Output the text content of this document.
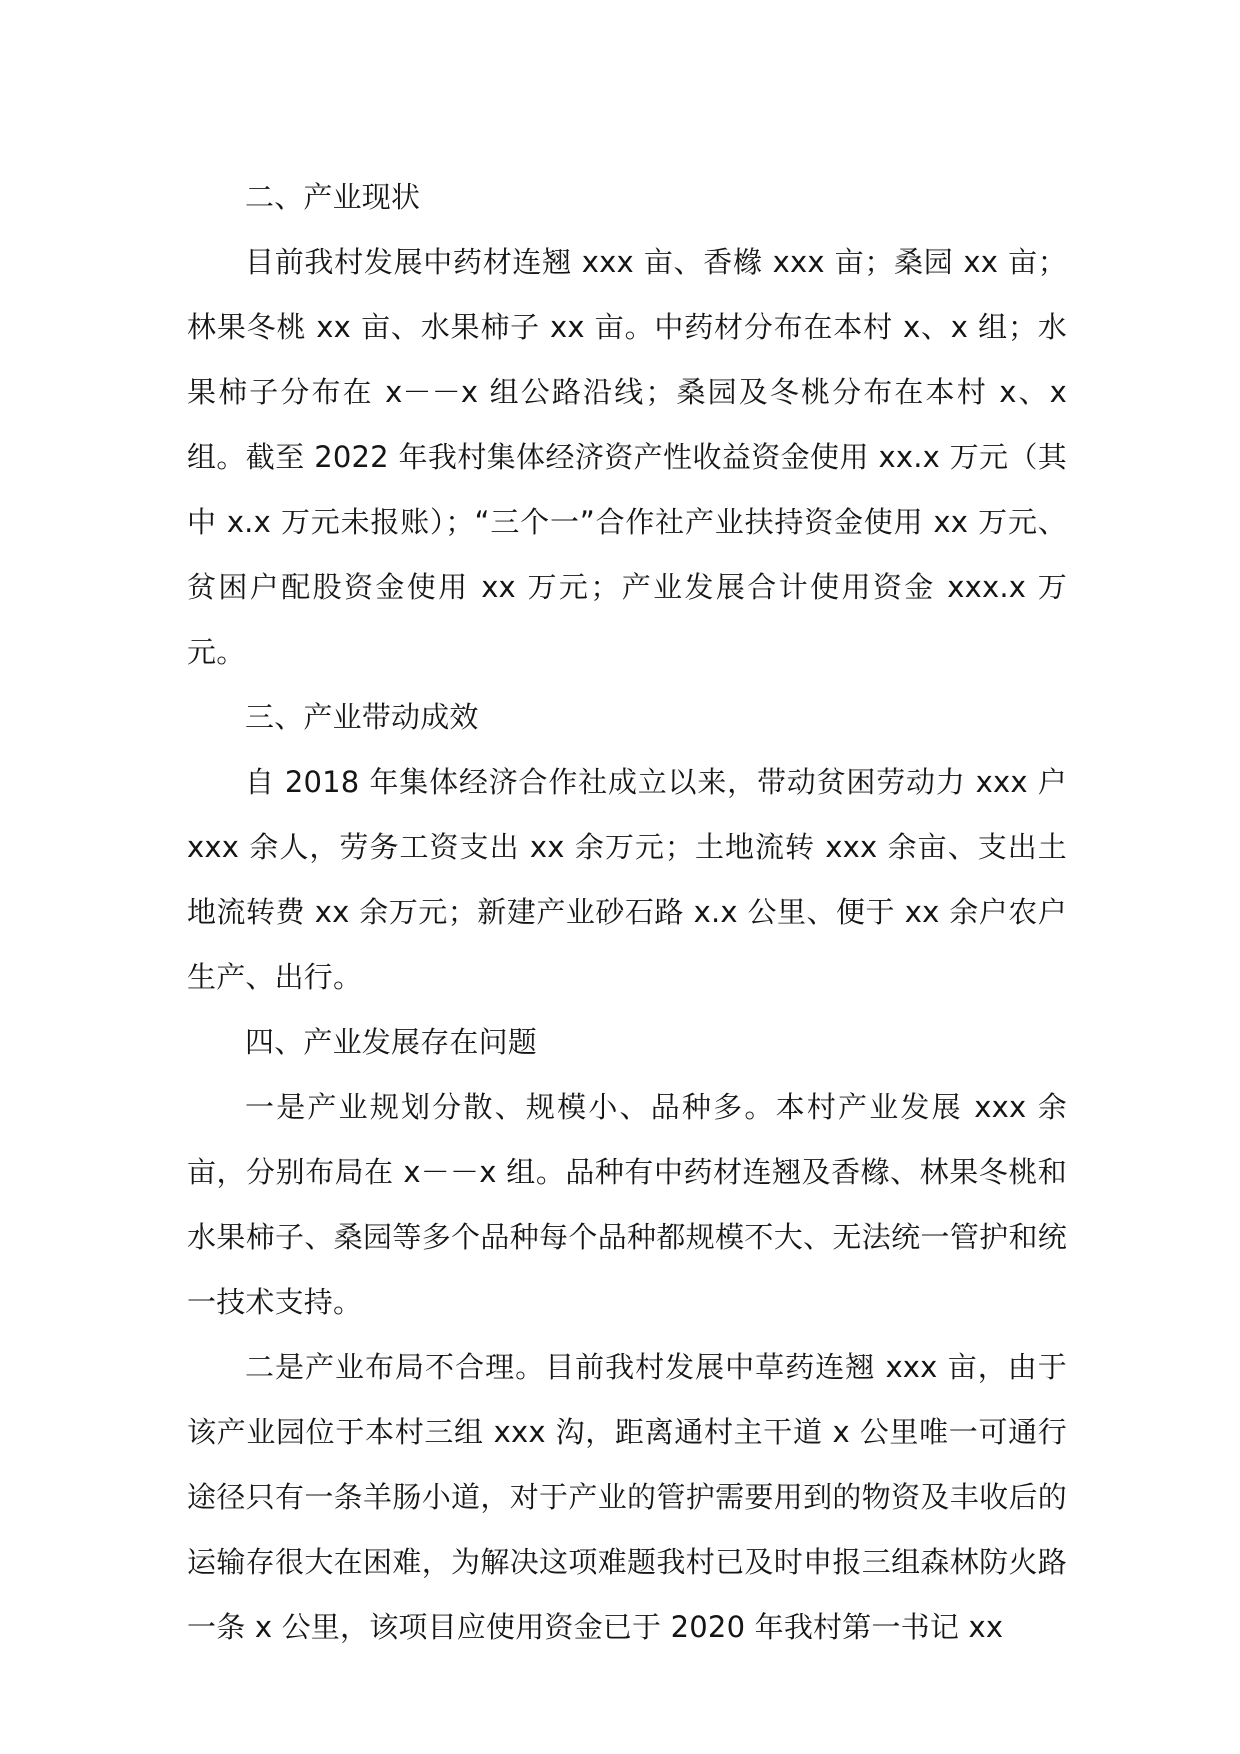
二、产业现状

目前我村发展中药材连翘 xxx 亩、香橼 xxx 亩；桑园 xx 亩；林果冬桃 xx 亩、水果柿子 xx 亩。中药材分布在本村 x、x 组；水果柿子分布在 x－－x 组公路沿线；桑园及冬桃分布在本村 x、x 组。截至 2022 年我村集体经济资产性收益资金使用 xx.x 万元（其中 x.x 万元未报账）；“三个一”合作社产业扶持资金使用 xx 万元、贫困户配股资金使用 xx 万元；产业发展合计使用资金 xxx.x 万元。

三、产业带动成效

自 2018 年集体经济合作社成立以来，带动贫困劳动力 xxx 户 xxx 余人，劳务工资支出 xx 余万元；土地流转 xxx 余亩、支出土地流转费 xx 余万元；新建产业砂石路 x.x 公里、便于 xx 余户农户生产、出行。

四、产业发展存在问题

一是产业规划分散、规模小、品种多。本村产业发展 xxx 余亩，分别布局在 x－－x 组。品种有中药材连翘及香橼、林果冬桃和水果柿子、桑园等多个品种每个品种都规模不大、无法统一管护和统一技术支持。

二是产业布局不合理。目前我村发展中草药连翘 xxx 亩，由于该产业园位于本村三组 xxx 沟，距离通村主干道 x 公里唯一可通行途径只有一条羊肠小道，对于产业的管护需要用到的物资及丰收后的运输存很大在困难，为解决这项难题我村已及时申报三组森林防火路一条 x 公里，该项目应使用资金已于 2020 年我村第一书记 xx
